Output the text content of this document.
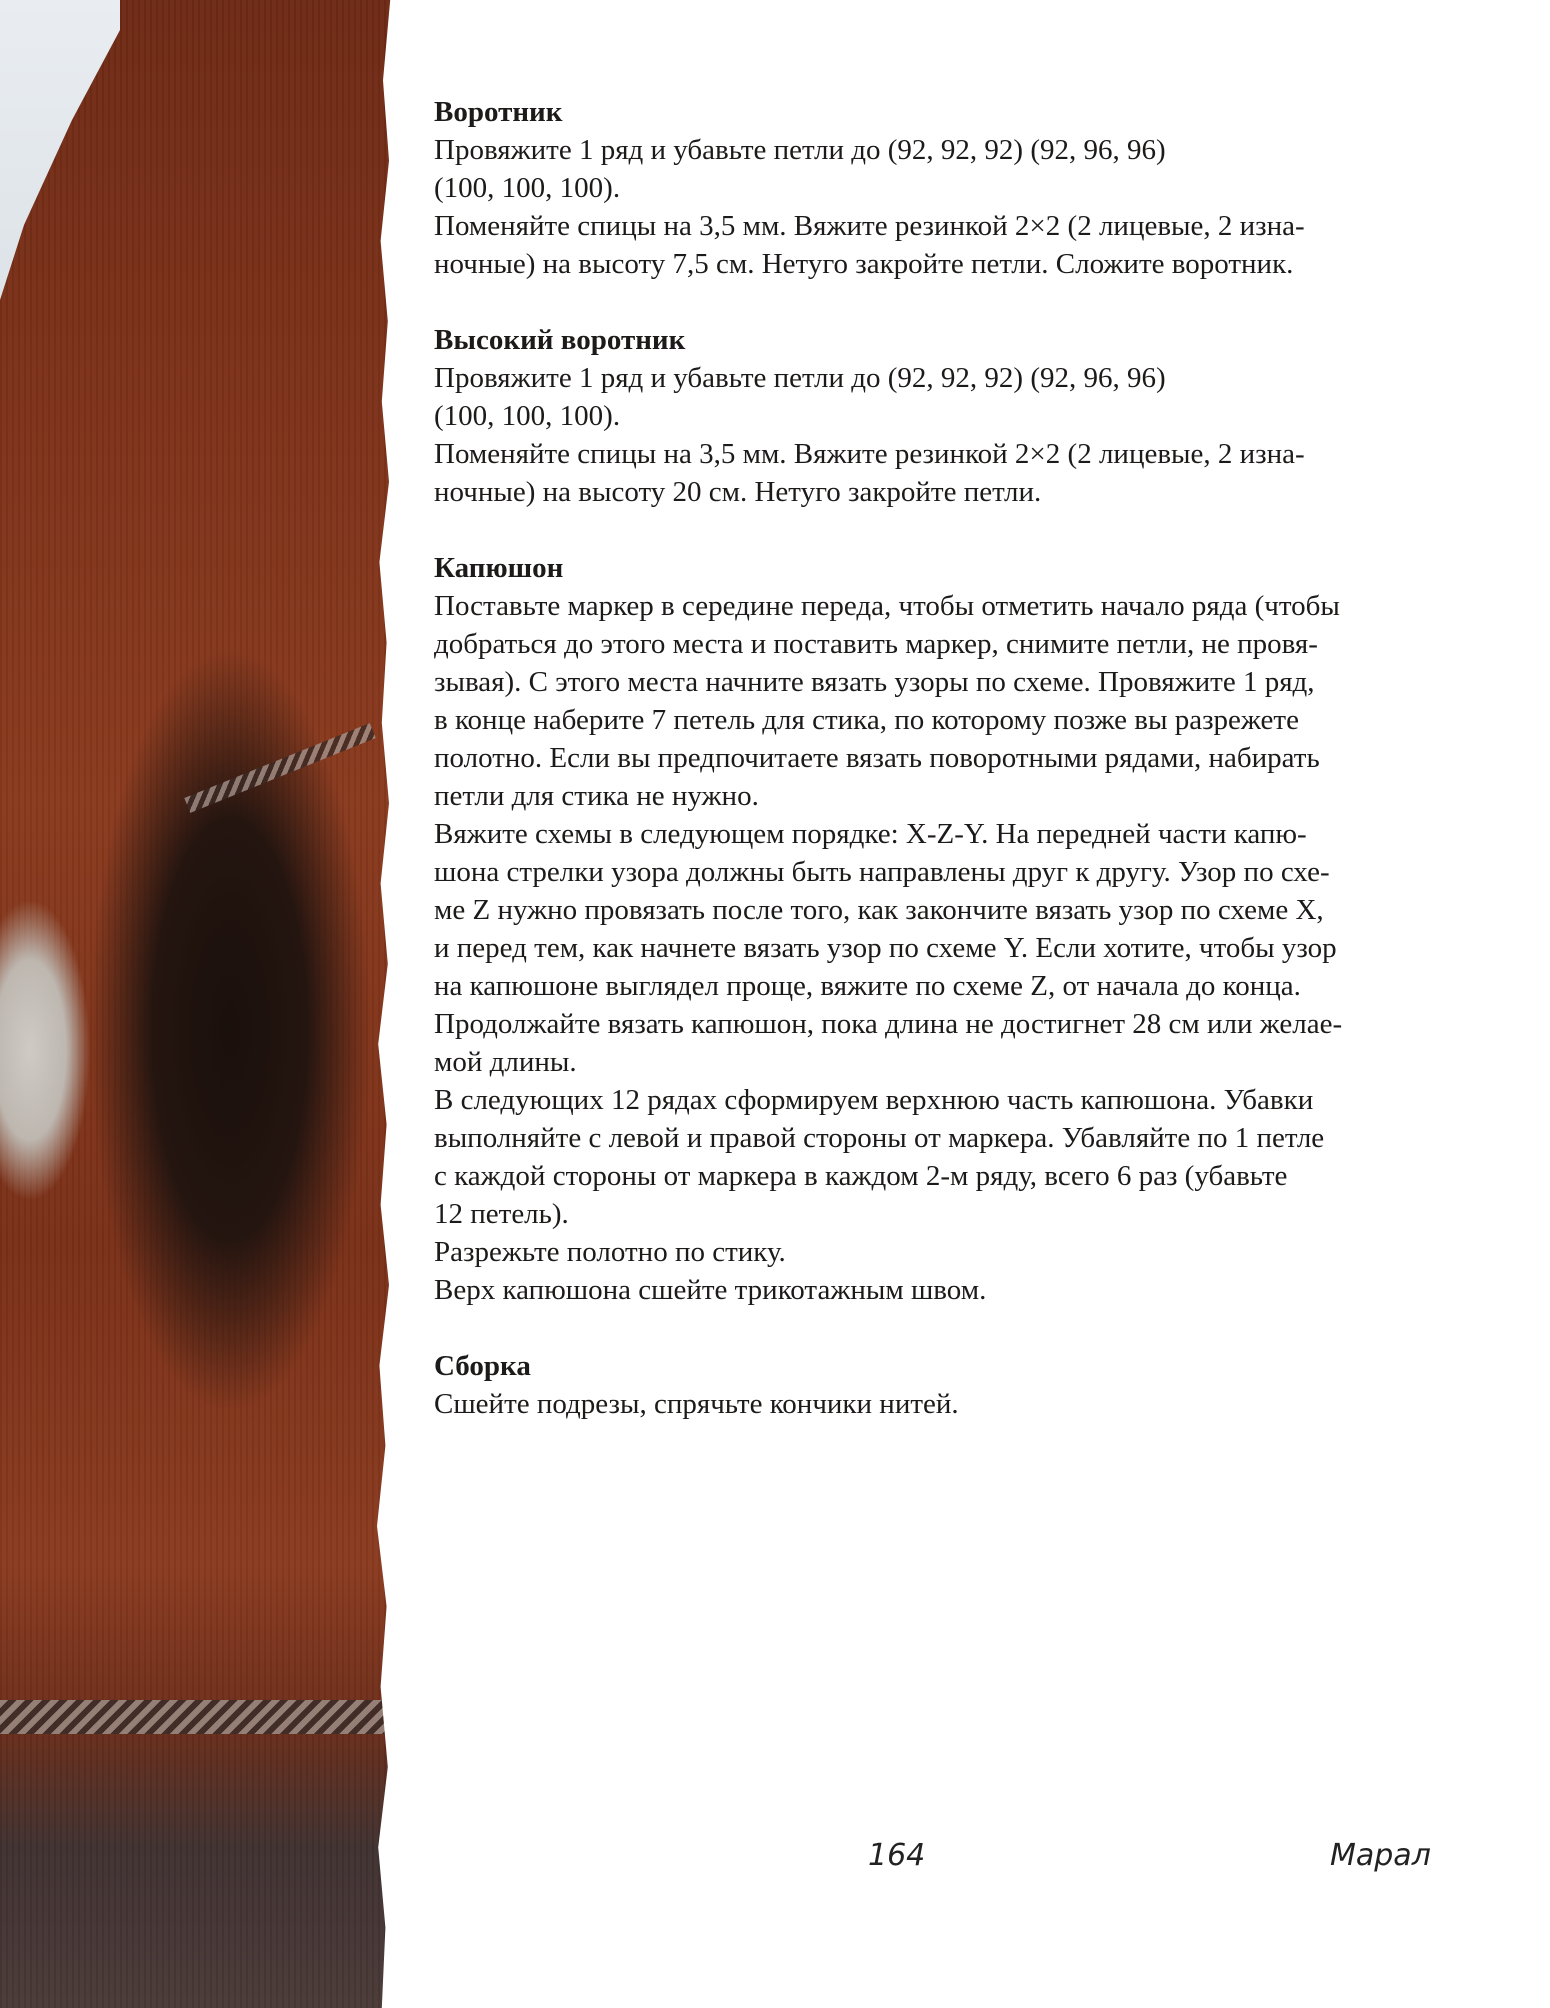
Воротник

Провяжите 1 ряд и убавьте петли до (92, 92, 92) (92, 96, 96)
(100, 100, 100).
Поменяйте спицы на 3,5 мм. Вяжите резинкой 2×2 (2 лицевые, 2 изна-
ночные) на высоту 7,5 см. Нетуго закройте петли. Сложите воротник.

Высокий воротник

Провяжите 1 ряд и убавьте петли до (92, 92, 92) (92, 96, 96)
(100, 100, 100).
Поменяйте спицы на 3,5 мм. Вяжите резинкой 2×2 (2 лицевые, 2 изна-
ночные) на высоту 20 см. Нетуго закройте петли.

Капюшон

Поставьте маркер в середине переда, чтобы отметить начало ряда (чтобы
добраться до этого места и поставить маркер, снимите петли, не провя-
зывая). С этого места начните вязать узоры по схеме. Провяжите 1 ряд,
в конце наберите 7 петель для стика, по которому позже вы разрежете
полотно. Если вы предпочитаете вязать поворотными рядами, набирать
петли для стика не нужно.
Вяжите схемы в следующем порядке: X-Z-Y. На передней части капю-
шона стрелки узора должны быть направлены друг к другу. Узор по схе-
ме Z нужно провязать после того, как закончите вязать узор по схеме X,
и перед тем, как начнете вязать узор по схеме Y. Если хотите, чтобы узор
на капюшоне выглядел проще, вяжите по схеме Z, от начала до конца.
Продолжайте вязать капюшон, пока длина не достигнет 28 см или желае-
мой длины.
В следующих 12 рядах сформируем верхнюю часть капюшона. Убавки
выполняйте с левой и правой стороны от маркера. Убавляйте по 1 петле
с каждой стороны от маркера в каждом 2-м ряду, всего 6 раз (убавьте
12 петель).
Разрежьте полотно по стику.
Верх капюшона сшейте трикотажным швом.

Сборка

Сшейте подрезы, спрячьте кончики нитей.

164	Марал
